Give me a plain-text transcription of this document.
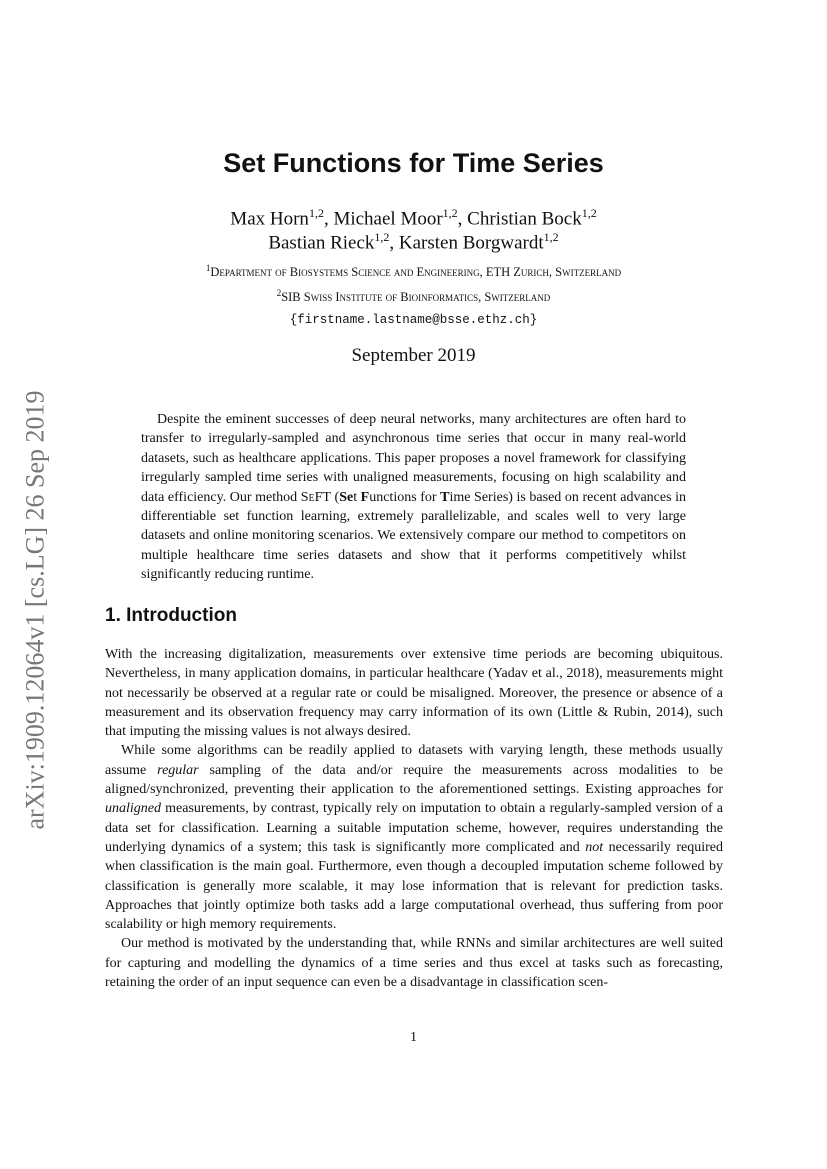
arXiv:1909.12064v1 [cs.LG] 26 Sep 2019
Set Functions for Time Series
Max Horn$^{1,2}$, Michael Moor$^{1,2}$, Christian Bock$^{1,2}$
Bastian Rieck$^{1,2}$, Karsten Borgwardt$^{1,2}$
$^1$Department of Biosystems Science and Engineering, ETH Zurich, Switzerland
$^2$SIB Swiss Institute of Bioinformatics, Switzerland
{firstname.lastname@bsse.ethz.ch}
September 2019
Despite the eminent successes of deep neural networks, many architectures are often hard to transfer to irregularly-sampled and asynchronous time series that occur in many real-world datasets, such as healthcare applications. This paper proposes a novel framework for classifying irregularly sampled time series with unaligned measurements, focusing on high scalability and data efficiency. Our method SeFT (Set Functions for Time Series) is based on recent advances in differentiable set function learning, extremely parallelizable, and scales well to very large datasets and online monitoring scenarios. We extensively compare our method to competitors on multiple healthcare time series datasets and show that it performs competitively whilst significantly reducing runtime.
1. Introduction

With the increasing digitalization, measurements over extensive time periods are becoming ubiquitous. Nevertheless, in many application domains, in particular healthcare (Yadav et al., 2018), measurements might not necessarily be observed at a regular rate or could be misaligned. Moreover, the presence or absence of a measurement and its observation frequency may carry information of its own (Little & Rubin, 2014), such that imputing the missing values is not always desired.

While some algorithms can be readily applied to datasets with varying length, these methods usually assume regular sampling of the data and/or require the measurements across modalities to be aligned/synchronized, preventing their application to the aforementioned settings. Existing approaches for unaligned measurements, by contrast, typically rely on imputation to obtain a regularly-sampled version of a data set for classification. Learning a suitable imputation scheme, however, requires understanding the underlying dynamics of a system; this task is significantly more complicated and not necessarily required when classification is the main goal. Furthermore, even though a decoupled imputation scheme followed by classification is generally more scalable, it may lose information that is relevant for prediction tasks. Approaches that jointly optimize both tasks add a large computational overhead, thus suffering from poor scalability or high memory requirements.

Our method is motivated by the understanding that, while RNNs and similar architectures are well suited for capturing and modelling the dynamics of a time series and thus excel at tasks such as forecasting, retaining the order of an input sequence can even be a disadvantage in classification scen-

1
